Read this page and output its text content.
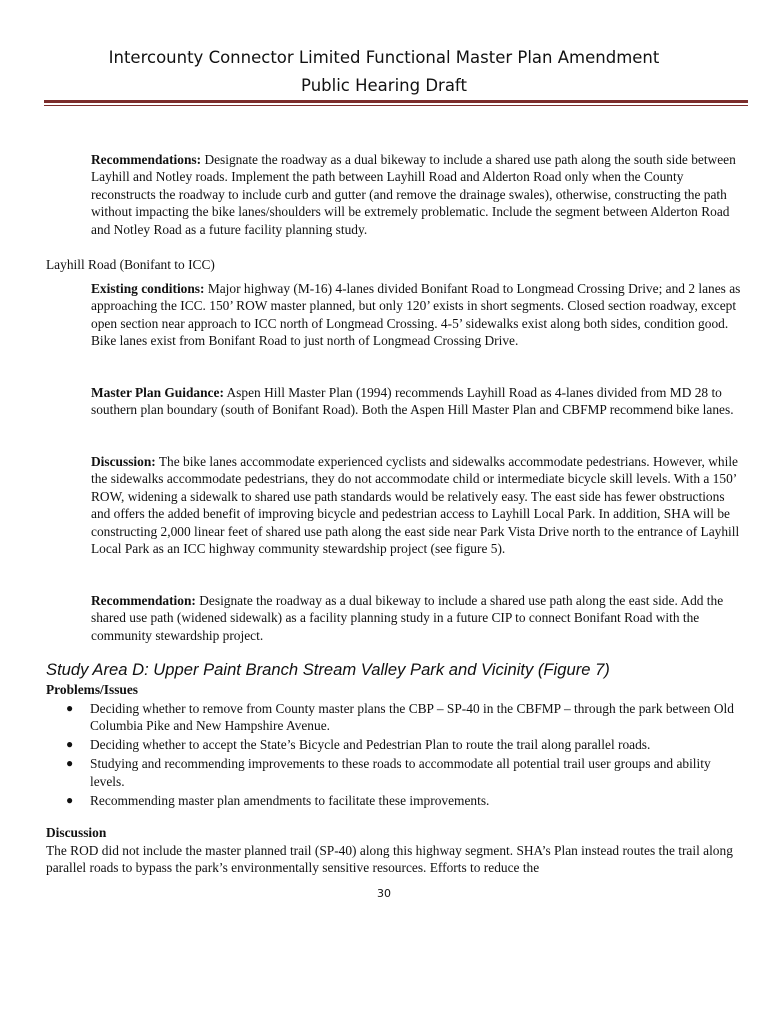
Intercounty Connector Limited Functional Master Plan Amendment
Public Hearing Draft

Recommendations: Designate the roadway as a dual bikeway to include a shared use path along the south side between Layhill and Notley roads. Implement the path between Layhill Road and Alderton Road only when the County reconstructs the roadway to include curb and gutter (and remove the drainage swales), otherwise, constructing the path without impacting the bike lanes/shoulders will be extremely problematic. Include the segment between Alderton Road and Notley Road as a future facility planning study.

Layhill Road (Bonifant to ICC)

Existing conditions: Major highway (M-16) 4-lanes divided Bonifant Road to Longmead Crossing Drive; and 2 lanes as approaching the ICC. 150’ ROW master planned, but only 120’ exists in short segments. Closed section roadway, except open section near approach to ICC north of Longmead Crossing. 4-5’ sidewalks exist along both sides, condition good. Bike lanes exist from Bonifant Road to just north of Longmead Crossing Drive.

Master Plan Guidance: Aspen Hill Master Plan (1994) recommends Layhill Road as 4-lanes divided from MD 28 to southern plan boundary (south of Bonifant Road). Both the Aspen Hill Master Plan and CBFMP recommend bike lanes.

Discussion: The bike lanes accommodate experienced cyclists and sidewalks accommodate pedestrians. However, while the sidewalks accommodate pedestrians, they do not accommodate child or intermediate bicycle skill levels. With a 150’ ROW, widening a sidewalk to shared use path standards would be relatively easy. The east side has fewer obstructions and offers the added benefit of improving bicycle and pedestrian access to Layhill Local Park. In addition, SHA will be constructing 2,000 linear feet of shared use path along the east side near Park Vista Drive north to the entrance of Layhill Local Park as an ICC highway community stewardship project (see figure 5).

Recommendation: Designate the roadway as a dual bikeway to include a shared use path along the east side. Add the shared use path (widened sidewalk) as a facility planning study in a future CIP to connect Bonifant Road with the community stewardship project.

Study Area D: Upper Paint Branch Stream Valley Park and Vicinity (Figure 7)
Problems/Issues
● Deciding whether to remove from County master plans the CBP – SP-40 in the CBFMP – through the park between Old Columbia Pike and New Hampshire Avenue.
● Deciding whether to accept the State’s Bicycle and Pedestrian Plan to route the trail along parallel roads.
● Studying and recommending improvements to these roads to accommodate all potential trail user groups and ability levels.
● Recommending master plan amendments to facilitate these improvements.
Discussion

The ROD did not include the master planned trail (SP-40) along this highway segment. SHA’s Plan instead routes the trail along parallel roads to bypass the park’s environmentally sensitive resources. Efforts to reduce the

30
